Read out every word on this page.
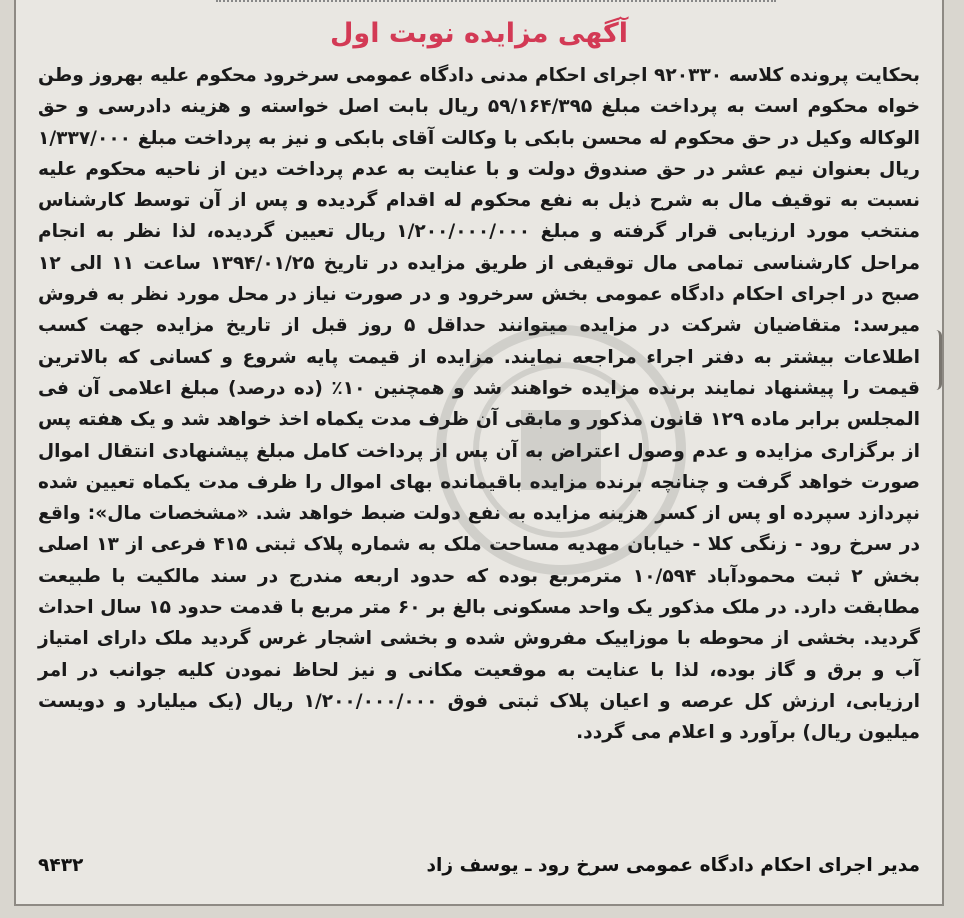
آگهی مزایده نوبت اول
بحکایت پرونده کلاسه ۹۲۰۳۳۰ اجرای احکام مدنی دادگاه عمومی سرخرود محکوم علیه بهروز وطن خواه محکوم است به پرداخت مبلغ ۵۹/۱۶۴/۳۹۵ ریال بابت اصل خواسته و هزینه دادرسی و حق الوکاله وکیل در حق محکوم له محسن بابکی با وکالت آقای بابکی و نیز به پرداخت مبلغ ۱/۳۳۷/۰۰۰ ریال بعنوان نیم عشر در حق صندوق دولت و با عنایت به عدم پرداخت دین از ناحیه محکوم علیه نسبت به توقیف مال به شرح ذیل به نفع محکوم له اقدام گردیده و پس از آن توسط کارشناس منتخب مورد ارزیابی قرار گرفته و مبلغ ۱/۲۰۰/۰۰۰/۰۰۰ ریال تعیین گردیده، لذا نظر به انجام مراحل کارشناسی تمامی مال توقیفی از طریق مزایده در تاریخ ۱۳۹۴/۰۱/۲۵ ساعت ۱۱ الی ۱۲ صبح در اجرای احکام دادگاه عمومی بخش سرخرود و در صورت نیاز در محل مورد نظر به فروش میرسد: متقاضیان شرکت در مزایده میتوانند حداقل ۵ روز قبل از تاریخ مزایده جهت کسب اطلاعات بیشتر به دفتر اجراء مراجعه نمایند. مزایده از قیمت پایه شروع و کسانی که بالاترین قیمت را پیشنهاد نمایند برنده مزایده خواهند شد و همچنین ۱۰٪ (ده درصد) مبلغ اعلامی آن فی المجلس برابر ماده ۱۲۹ قانون مذکور و مابقی آن ظرف مدت یکماه اخذ خواهد شد و یک هفته پس از برگزاری مزایده و عدم وصول اعتراض به آن پس از پرداخت کامل مبلغ پیشنهادی انتقال اموال صورت خواهد گرفت و چنانچه برنده مزایده باقیمانده بهای اموال را ظرف مدت یکماه تعیین شده نپردازد سپرده او پس از کسر هزینه مزایده به نفع دولت ضبط خواهد شد. «مشخصات مال»: واقع در سرخ رود - زنگی کلا - خیابان مهدیه مساحت ملک به شماره پلاک ثبتی ۴۱۵ فرعی از ۱۳ اصلی بخش ۲ ثبت محمودآباد ۱۰/۵۹۴ مترمربع بوده که حدود اربعه مندرج در سند مالکیت با طبیعت مطابقت دارد. در ملک مذکور یک واحد مسکونی بالغ بر ۶۰ متر مربع با قدمت حدود ۱۵ سال احداث گردید. بخشی از محوطه با موزاییک مفروش شده و بخشی اشجار غرس گردید ملک دارای امتیاز آب و برق و گاز بوده، لذا با عنایت به موقعیت مکانی و نیز لحاظ نمودن کلیه جوانب در امر ارزیابی، ارزش کل عرصه و اعیان پلاک ثبتی فوق ۱/۲۰۰/۰۰۰/۰۰۰ ریال (یک میلیارد و دویست میلیون ریال) برآورد و اعلام می گردد.
مدیر اجرای احکام دادگاه عمومی سرخ رود ـ یوسف زاد
۹۴۳۲
